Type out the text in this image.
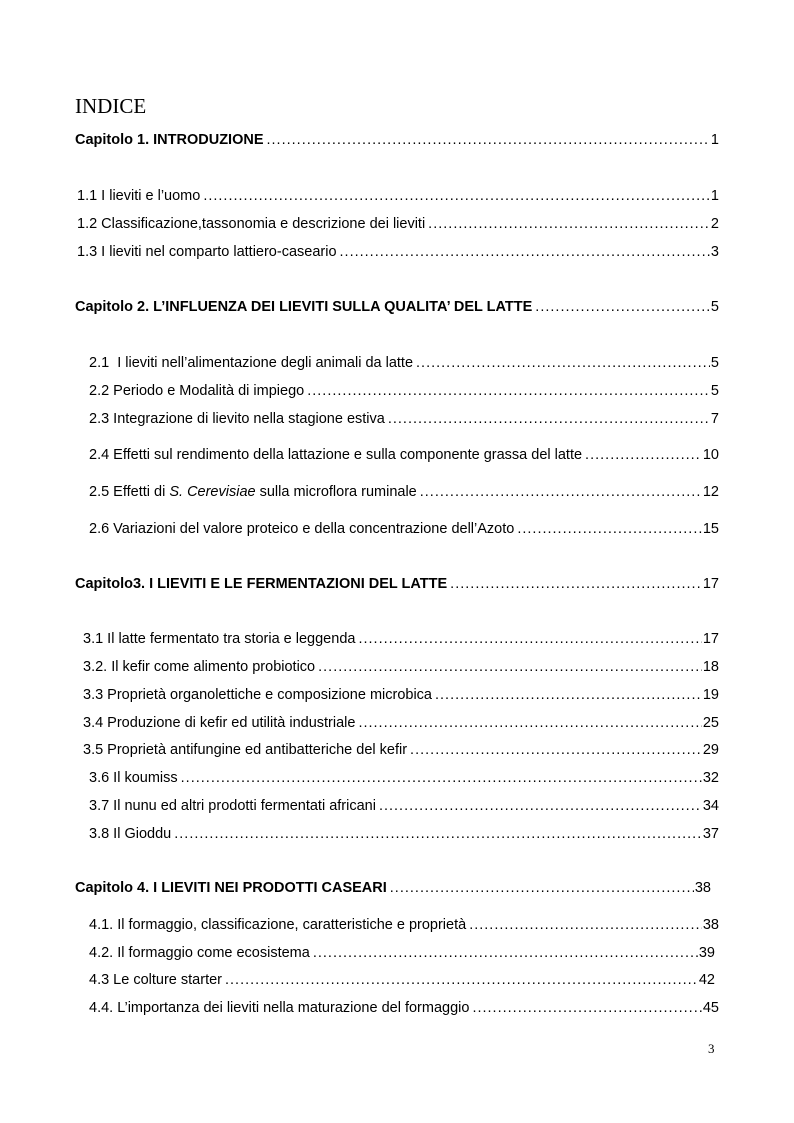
INDICE
Capitolo 1. INTRODUZIONE .....	1
1.1 I lieviti e l’uomo .....	1
1.2 Classificazione,tassonomia e descrizione dei lieviti .....	2
1.3 I lieviti nel comparto lattiero-caseario .....	3
Capitolo 2. L’INFLUENZA DEI LIEVITI SULLA QUALITA’ DEL LATTE .....	5
2.1  I lieviti nell’alimentazione degli animali da latte .....	5
2.2 Periodo e Modalità di impiego .....	5
2.3 Integrazione di lievito nella stagione estiva .....	7
2.4 Effetti sul rendimento della lattazione e sulla componente grassa del latte .....	10
2.5 Effetti di S. Cerevisiae sulla microflora ruminale .....	12
2.6 Variazioni del valore proteico e della concentrazione dell’Azoto .....	15
Capitolo3. I LIEVITI E LE FERMENTAZIONI DEL LATTE .....	17
3.1 Il latte fermentato tra storia e leggenda .....	17
3.2. Il kefir come alimento probiotico .....	18
3.3 Proprietà organolettiche e composizione microbica .....	19
3.4 Produzione di kefir ed utilità industriale .....	25
3.5 Proprietà antifungine ed antibatteriche del kefir .....	29
3.6 Il koumiss .....	32
3.7 Il nunu ed altri prodotti fermentati africani .....	34
3.8 Il Gioddu .....	37
Capitolo 4. I LIEVITI NEI PRODOTTI CASEARI .....	38
4.1. Il formaggio, classificazione, caratteristiche e proprietà .....	38
4.2. Il formaggio come ecosistema .....	39
4.3 Le colture starter .....	42
4.4. L’importanza dei lieviti nella maturazione del formaggio .....	45
3
